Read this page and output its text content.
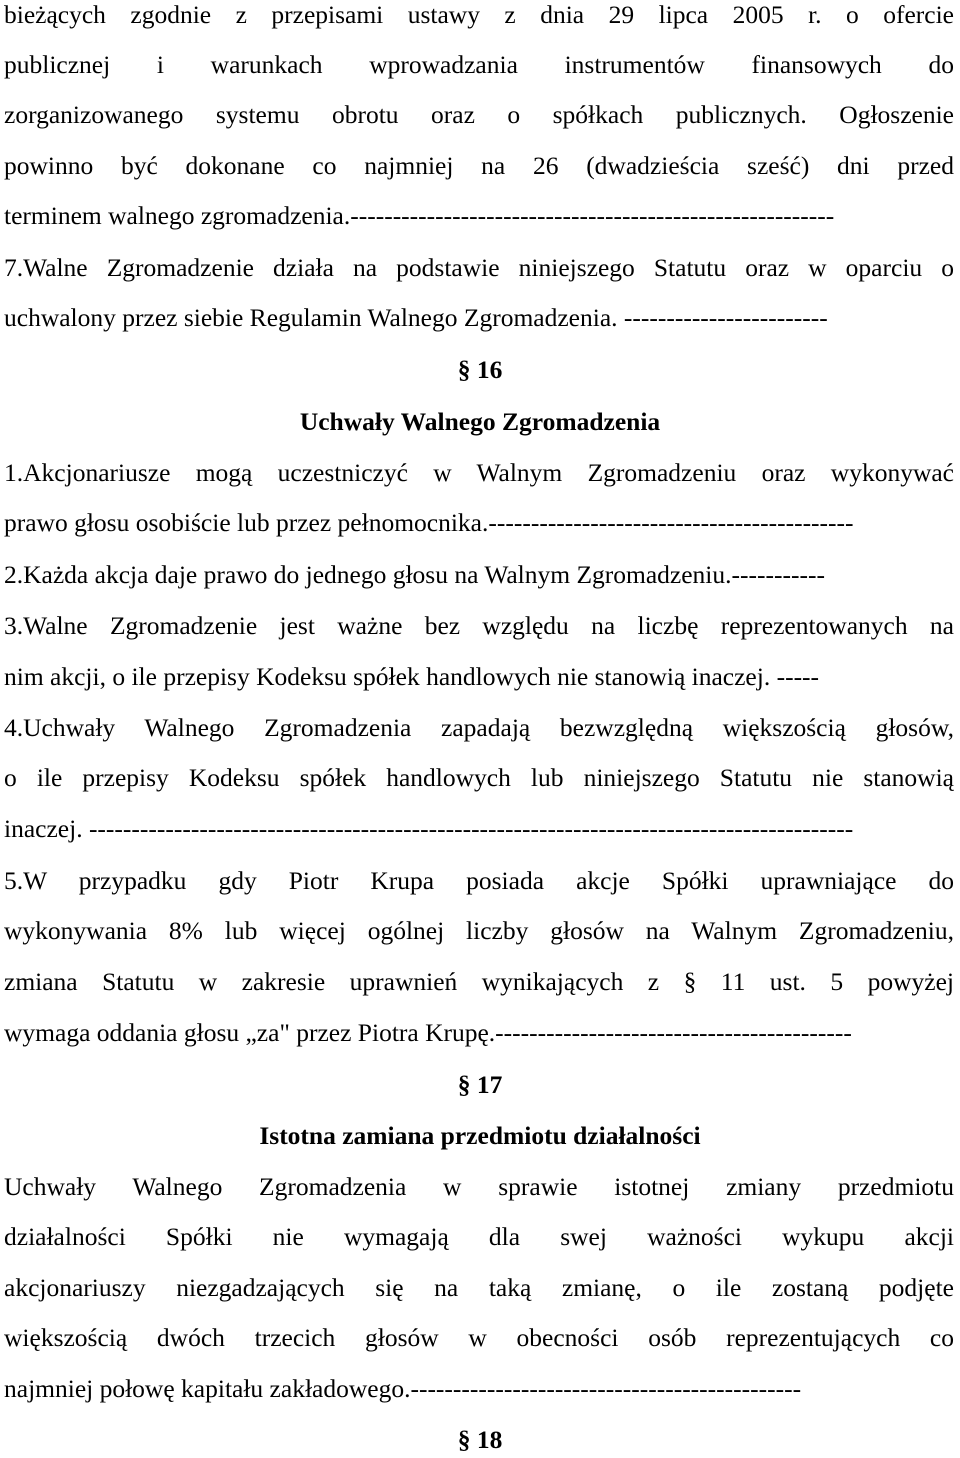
bieżących zgodnie z przepisami ustawy z dnia 29 lipca 2005 r. o ofercie
publicznej i warunkach wprowadzania instrumentów finansowych do
zorganizowanego systemu obrotu oraz o spółkach publicznych. Ogłoszenie
powinno być dokonane co najmniej na 26 (dwadzieścia sześć) dni przed
terminem walnego zgromadzenia.---------------------------------------------------------
7.Walne Zgromadzenie działa na podstawie niniejszego Statutu oraz w oparciu o
uchwalony przez siebie Regulamin Walnego Zgromadzenia. ------------------------
§ 16
Uchwały Walnego Zgromadzenia
1.Akcjonariusze mogą uczestniczyć w Walnym Zgromadzeniu oraz wykonywać
prawo głosu osobiście lub przez pełnomocnika.-------------------------------------------
2.Każda akcja daje prawo do jednego głosu na Walnym Zgromadzeniu.-----------
3.Walne Zgromadzenie jest ważne bez względu na liczbę reprezentowanych na
nim akcji, o ile przepisy Kodeksu spółek handlowych nie stanowią inaczej. -----
4.Uchwały Walnego Zgromadzenia zapadają bezwzględną większością głosów,
o ile przepisy Kodeksu spółek handlowych lub niniejszego Statutu nie stanowią
inaczej. ------------------------------------------------------------------------------------------
5.W przypadku gdy Piotr Krupa posiada akcje Spółki uprawniające do
wykonywania 8% lub więcej ogólnej liczby głosów na Walnym Zgromadzeniu,
zmiana Statutu w zakresie uprawnień wynikających z § 11 ust. 5 powyżej
wymaga oddania głosu „za" przez Piotra Krupę.------------------------------------------
§ 17
Istotna zamiana przedmiotu działalności
Uchwały Walnego Zgromadzenia w sprawie istotnej zmiany przedmiotu
działalności Spółki nie wymagają dla swej ważności wykupu akcji
akcjonariuszy niezgadzających się na taką zmianę, o ile zostaną podjęte
większością dwóch trzecich głosów w obecności osób reprezentujących co
najmniej połowę kapitału zakładowego.----------------------------------------------
§ 18
